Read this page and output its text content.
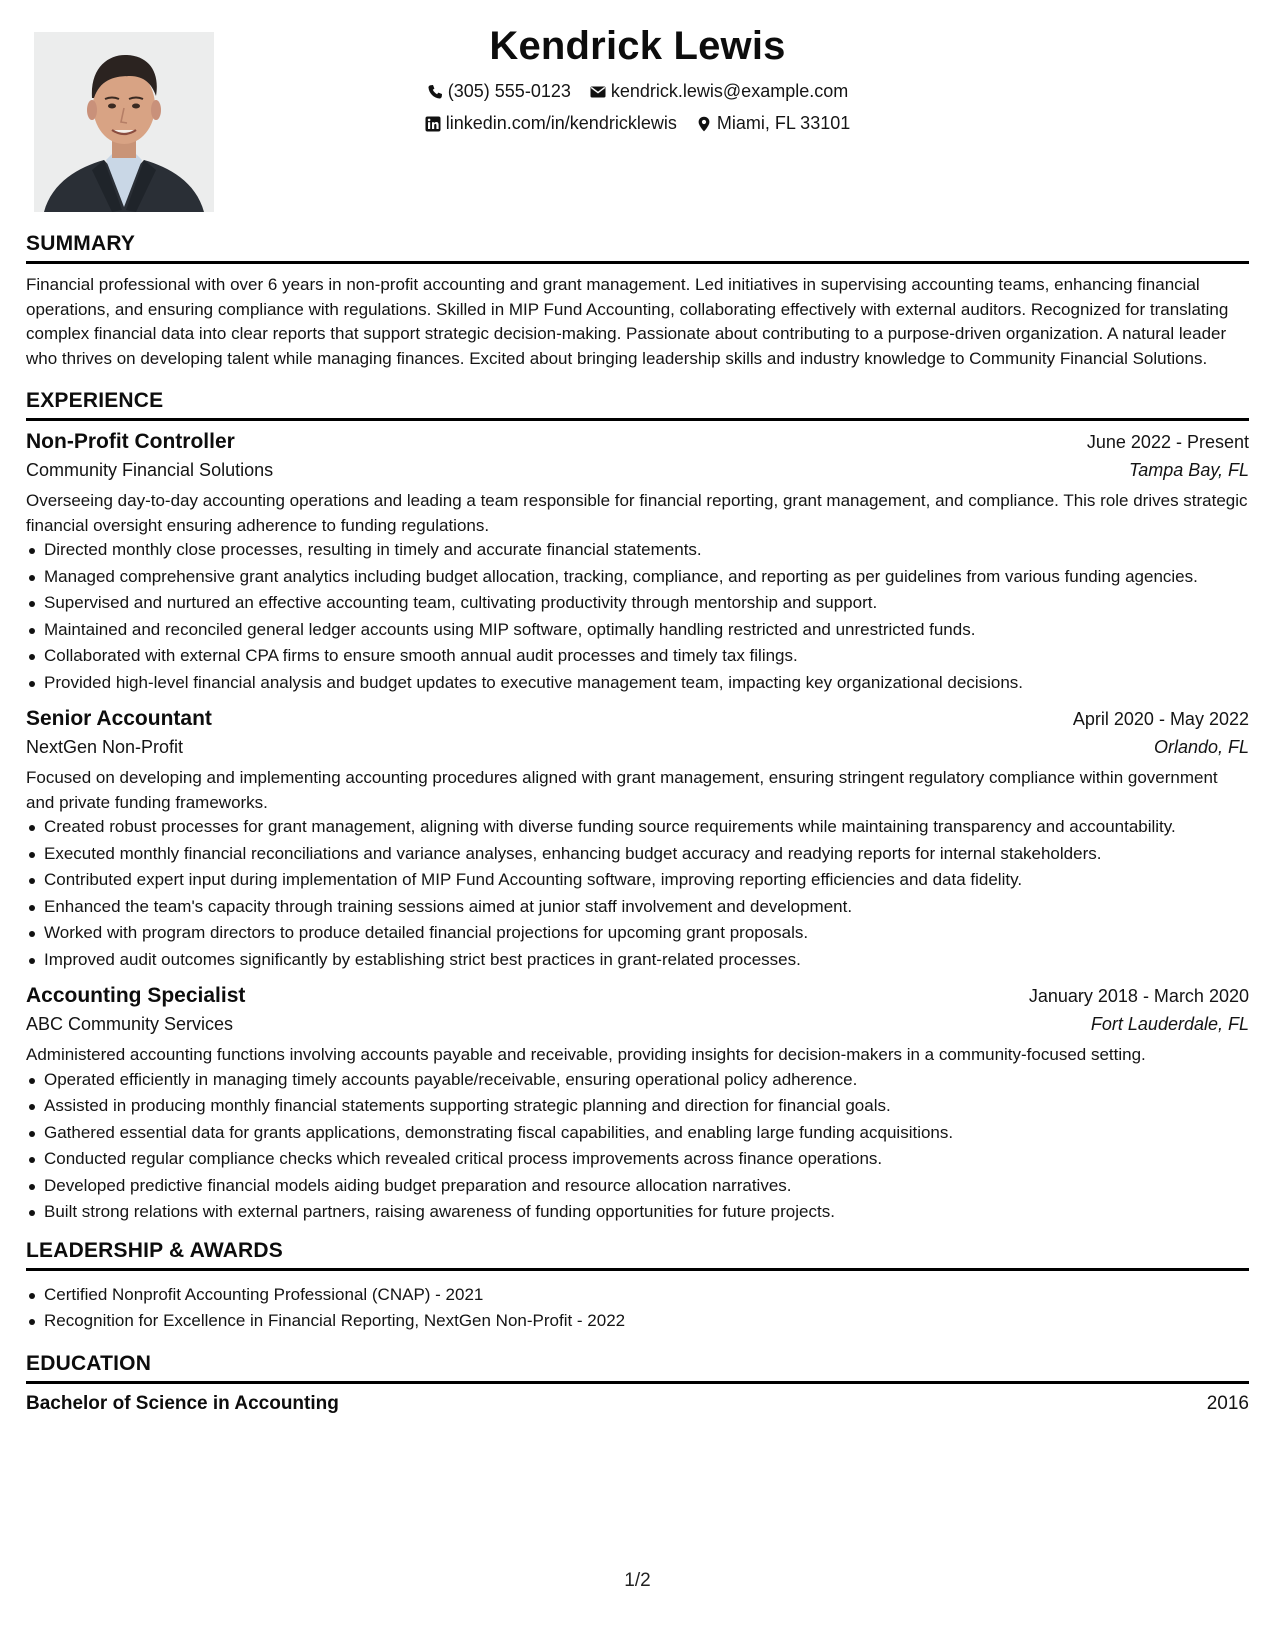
Kendrick Lewis
(305) 555-0123
kendrick.lewis@example.com
linkedin.com/in/kendricklewis
Miami, FL 33101
SUMMARY

Financial professional with over 6 years in non-profit accounting and grant management. Led initiatives in supervising accounting teams, enhancing financial operations, and ensuring compliance with regulations. Skilled in MIP Fund Accounting, collaborating effectively with external auditors. Recognized for translating complex financial data into clear reports that support strategic decision-making. Passionate about contributing to a purpose-driven organization. A natural leader who thrives on developing talent while managing finances. Excited about bringing leadership skills and industry knowledge to Community Financial Solutions.

EXPERIENCE
Non-Profit Controller	June 2022 - Present
Community Financial Solutions	Tampa Bay, FL

Overseeing day-to-day accounting operations and leading a team responsible for financial reporting, grant management, and compliance. This role drives strategic financial oversight ensuring adherence to funding regulations.

Directed monthly close processes, resulting in timely and accurate financial statements.
Managed comprehensive grant analytics including budget allocation, tracking, compliance, and reporting as per guidelines from various funding agencies.
Supervised and nurtured an effective accounting team, cultivating productivity through mentorship and support.
Maintained and reconciled general ledger accounts using MIP software, optimally handling restricted and unrestricted funds.
Collaborated with external CPA firms to ensure smooth annual audit processes and timely tax filings.
Provided high-level financial analysis and budget updates to executive management team, impacting key organizational decisions.
Senior Accountant	April 2020 - May 2022
NextGen Non-Profit	Orlando, FL

Focused on developing and implementing accounting procedures aligned with grant management, ensuring stringent regulatory compliance within government and private funding frameworks.

Created robust processes for grant management, aligning with diverse funding source requirements while maintaining transparency and accountability.
Executed monthly financial reconciliations and variance analyses, enhancing budget accuracy and readying reports for internal stakeholders.
Contributed expert input during implementation of MIP Fund Accounting software, improving reporting efficiencies and data fidelity.
Enhanced the team's capacity through training sessions aimed at junior staff involvement and development.
Worked with program directors to produce detailed financial projections for upcoming grant proposals.
Improved audit outcomes significantly by establishing strict best practices in grant-related processes.
Accounting Specialist	January 2018 - March 2020
ABC Community Services	Fort Lauderdale, FL

Administered accounting functions involving accounts payable and receivable, providing insights for decision-makers in a community-focused setting.

Operated efficiently in managing timely accounts payable/receivable, ensuring operational policy adherence.
Assisted in producing monthly financial statements supporting strategic planning and direction for financial goals.
Gathered essential data for grants applications, demonstrating fiscal capabilities, and enabling large funding acquisitions.
Conducted regular compliance checks which revealed critical process improvements across finance operations.
Developed predictive financial models aiding budget preparation and resource allocation narratives.
Built strong relations with external partners, raising awareness of funding opportunities for future projects.
LEADERSHIP & AWARDS
Certified Nonprofit Accounting Professional (CNAP) - 2021
Recognition for Excellence in Financial Reporting, NextGen Non-Profit - 2022
EDUCATION
Bachelor of Science in Accounting	2016
1/2
